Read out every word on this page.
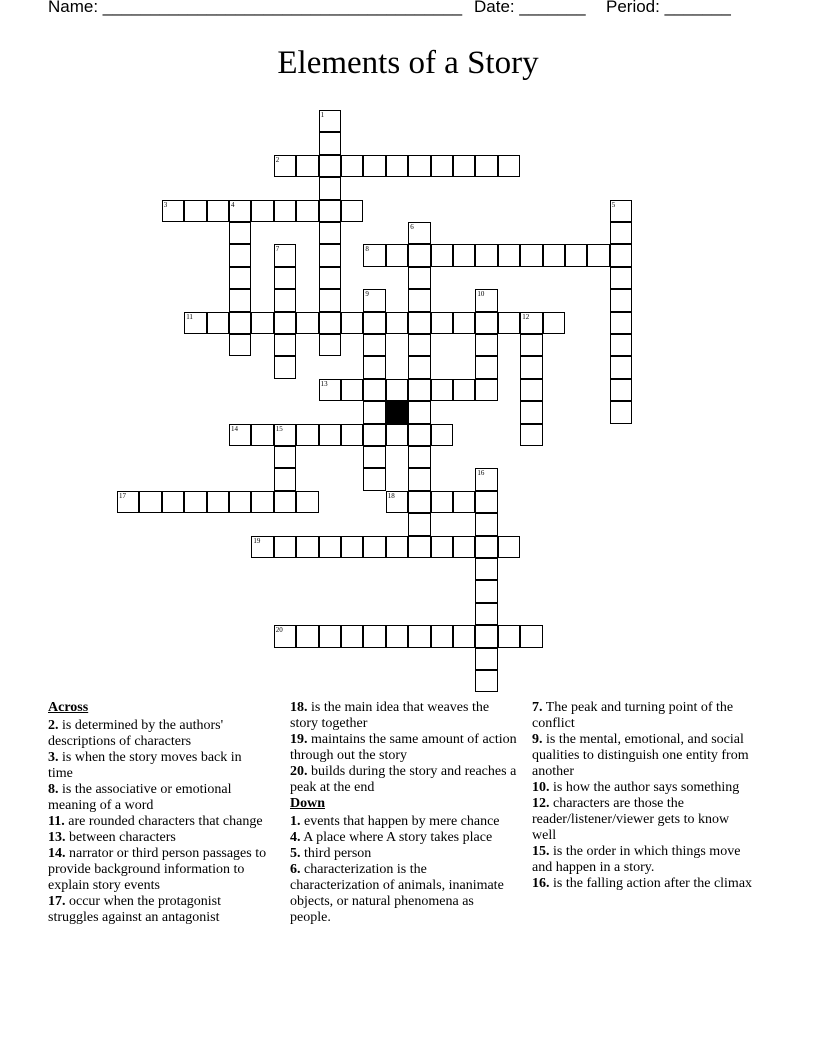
Name: ______________________________________ Date: _______ Period: _______
Elements of a Story
1
2
3	4	5
6
7	8
9	10
11	12
13
14	15
16
17	18
19
20
Across
2. is determined by the authors' descriptions of characters
3. is when the story moves back in time
8. is the associative or emotional meaning of a word
11. are rounded characters that change
13. between characters
14. narrator or third person passages to provide background information to explain story events
17. occur when the protagonist struggles against an antagonist
18. is the main idea that weaves the story together
19. maintains the same amount of action through out the story
20. builds during the story and reaches a peak at the end
Down
1. events that happen by mere chance
4. A place where A story takes place
5. third person
6. characterization is the characterization of animals, inanimate objects, or natural phenomena as people.
7. The peak and turning point of the conflict
9. is the mental, emotional, and social qualities to distinguish one entity from another
10. is how the author says something
12. characters are those the reader/listener/viewer gets to know well
15. is the order in which things move and happen in a story.
16. is the falling action after the climax
